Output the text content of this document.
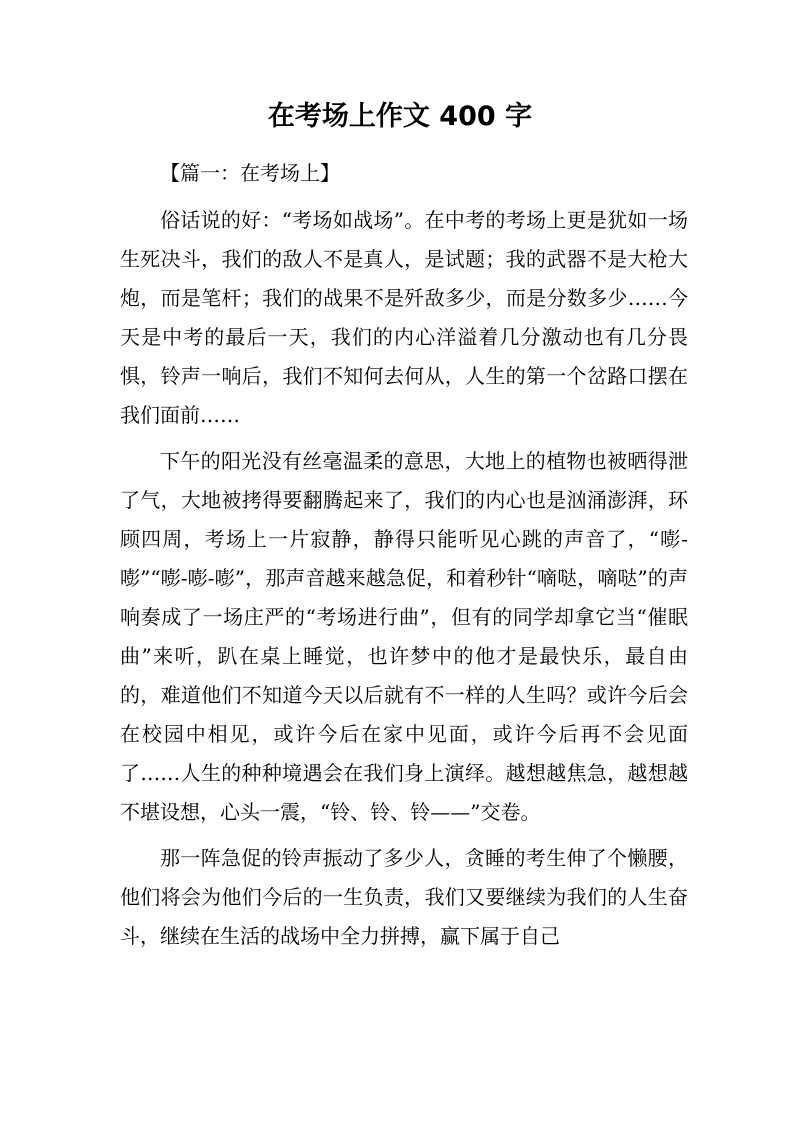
在考场上作文 400 字

【篇一：在考场上】

俗话说的好：“考场如战场”。在中考的考场上更是犹如一场生死决斗，我们的敌人不是真人，是试题；我的武器不是大枪大炮，而是笔杆；我们的战果不是歼敌多少，而是分数多少……今天是中考的最后一天，我们的内心洋溢着几分激动也有几分畏惧，铃声一响后，我们不知何去何从，人生的第一个岔路口摆在我们面前……

下午的阳光没有丝毫温柔的意思，大地上的植物也被晒得泄了气，大地被拷得要翻腾起来了，我们的内心也是汹涌澎湃，环顾四周，考场上一片寂静，静得只能听见心跳的声音了，“嘭-嘭”“嘭-嘭-嘭”，那声音越来越急促，和着秒针“嘀哒，嘀哒”的声响奏成了一场庄严的“考场进行曲”，但有的同学却拿它当“催眠曲”来听，趴在桌上睡觉，也许梦中的他才是最快乐，最自由的，难道他们不知道今天以后就有不一样的人生吗？或许今后会在校园中相见，或许今后在家中见面，或许今后再不会见面了……人生的种种境遇会在我们身上演绎。越想越焦急，越想越不堪设想，心头一震，“铃、铃、铃——”交卷。

那一阵急促的铃声振动了多少人，贪睡的考生伸了个懒腰，他们将会为他们今后的一生负责，我们又要继续为我们的人生奋斗，继续在生活的战场中全力拼搏，赢下属于自己
